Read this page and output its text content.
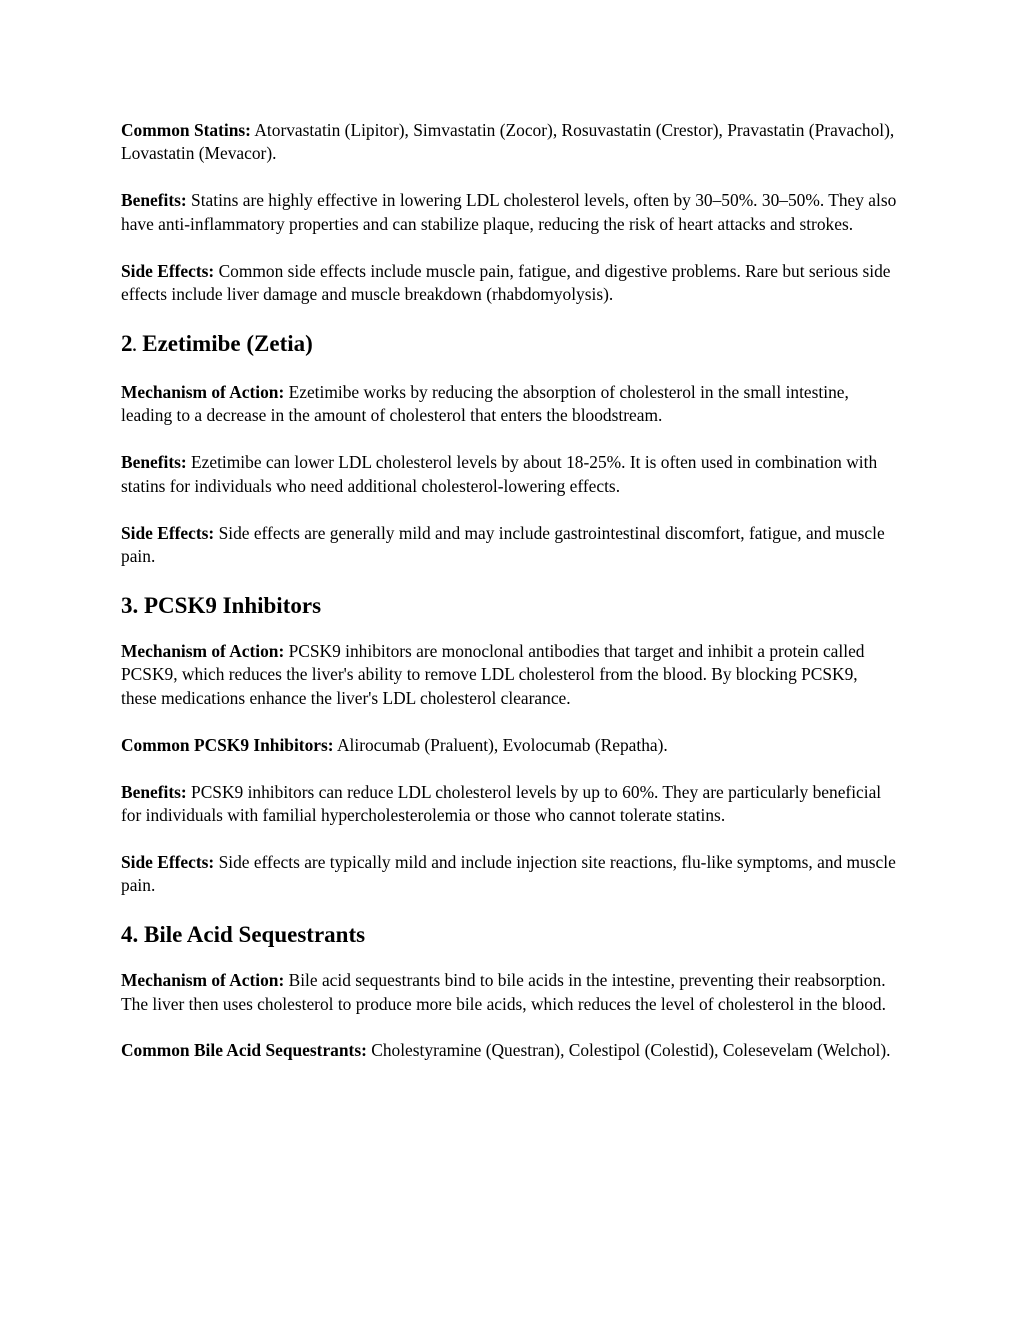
Common Statins: Atorvastatin (Lipitor), Simvastatin (Zocor), Rosuvastatin (Crestor), Pravastatin (Pravachol), Lovastatin (Mevacor).

Benefits: Statins are highly effective in lowering LDL cholesterol levels, often by 30–50%. 30–50%. They also have anti-inflammatory properties and can stabilize plaque, reducing the risk of heart attacks and strokes.

Side Effects: Common side effects include muscle pain, fatigue, and digestive problems. Rare but serious side effects include liver damage and muscle breakdown (rhabdomyolysis).

2. Ezetimibe (Zetia)

Mechanism of Action: Ezetimibe works by reducing the absorption of cholesterol in the small intestine, leading to a decrease in the amount of cholesterol that enters the bloodstream.

Benefits: Ezetimibe can lower LDL cholesterol levels by about 18-25%. It is often used in combination with statins for individuals who need additional cholesterol-lowering effects.

Side Effects: Side effects are generally mild and may include gastrointestinal discomfort, fatigue, and muscle pain.

3. PCSK9 Inhibitors

Mechanism of Action: PCSK9 inhibitors are monoclonal antibodies that target and inhibit a protein called PCSK9, which reduces the liver's ability to remove LDL cholesterol from the blood. By blocking PCSK9, these medications enhance the liver's LDL cholesterol clearance.

Common PCSK9 Inhibitors: Alirocumab (Praluent), Evolocumab (Repatha).

Benefits: PCSK9 inhibitors can reduce LDL cholesterol levels by up to 60%. They are particularly beneficial for individuals with familial hypercholesterolemia or those who cannot tolerate statins.

Side Effects: Side effects are typically mild and include injection site reactions, flu-like symptoms, and muscle pain.

4. Bile Acid Sequestrants

Mechanism of Action: Bile acid sequestrants bind to bile acids in the intestine, preventing their reabsorption. The liver then uses cholesterol to produce more bile acids, which reduces the level of cholesterol in the blood.

Common Bile Acid Sequestrants: Cholestyramine (Questran), Colestipol (Colestid), Colesevelam (Welchol).
